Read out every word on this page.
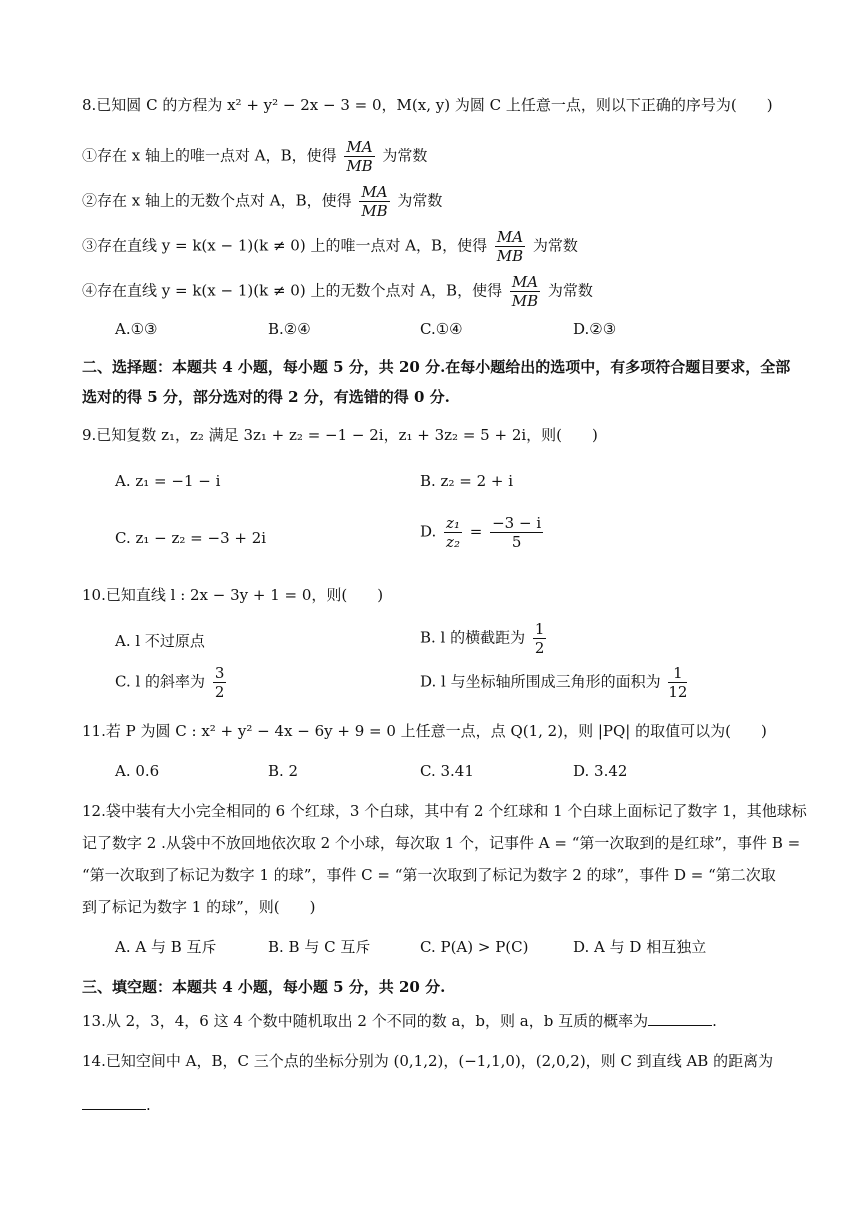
8.已知圆 C 的方程为 x² + y² − 2x − 3 = 0，M(x, y) 为圆 C 上任意一点，则以下正确的序号为(　　)
①存在 x 轴上的唯一点对 A，B，使得 $\frac{MA}{MB}$ 为常数
②存在 x 轴上的无数个点对 A，B，使得 $\frac{MA}{MB}$ 为常数
③存在直线 y = k(x − 1)(k ≠ 0) 上的唯一点对 A，B，使得 $\frac{MA}{MB}$ 为常数
④存在直线 y = k(x − 1)(k ≠ 0) 上的无数个点对 A，B，使得 $\frac{MA}{MB}$ 为常数
A.①③	B.②④	C.①④	D.②③
二、选择题：本题共 4 小题，每小题 5 分，共 20 分.在每小题给出的选项中，有多项符合题目要求，全部
选对的得 5 分，部分选对的得 2 分，有选错的得 0 分.
9.已知复数 z₁，z₂ 满足 3z₁ + z₂ = −1 − 2i，z₁ + 3z₂ = 5 + 2i，则(　　)
A. z₁ = −1 − i	B. z₂ = 2 + i
C. z₁ − z₂ = −3 + 2i	D. $\frac{\text{z₁}}{\text{z₂}} = \frac{-3 - i}{5}$
10.已知直线 l : 2x − 3y + 1 = 0，则(　　)
A. l 不过原点	B. l 的横截距为 $\frac{1}{2}$
C. l 的斜率为 $\frac{3}{2}$	D. l 与坐标轴所围成三角形的面积为 $\frac{1}{12}$
11.若 P 为圆 C : x² + y² − 4x − 6y + 9 = 0 上任意一点，点 Q(1, 2)，则 |PQ| 的取值可以为(　　)
A. 0.6	B. 2	C. 3.41	D. 3.42
12.袋中装有大小完全相同的 6 个红球，3 个白球，其中有 2 个红球和 1 个白球上面标记了数字 1，其他球标
记了数字 2 .从袋中不放回地依次取 2 个小球，每次取 1 个，记事件 A = “第一次取到的是红球”，事件 B =
“第一次取到了标记为数字 1 的球”，事件 C = “第一次取到了标记为数字 2 的球”，事件 D = “第二次取
到了标记为数字 1 的球”，则(　　)
A. A 与 B 互斥	B. B 与 C 互斥	C. P(A) > P(C)	D. A 与 D 相互独立
三、填空题：本题共 4 小题，每小题 5 分，共 20 分.
13.从 2，3，4，6 这 4 个数中随机取出 2 个不同的数 a，b，则 a，b 互质的概率为	.
14.已知空间中 A，B，C 三个点的坐标分别为 (0,1,2)，(−1,1,0)，(2,0,2)，则 C 到直线 AB 的距离为
.
